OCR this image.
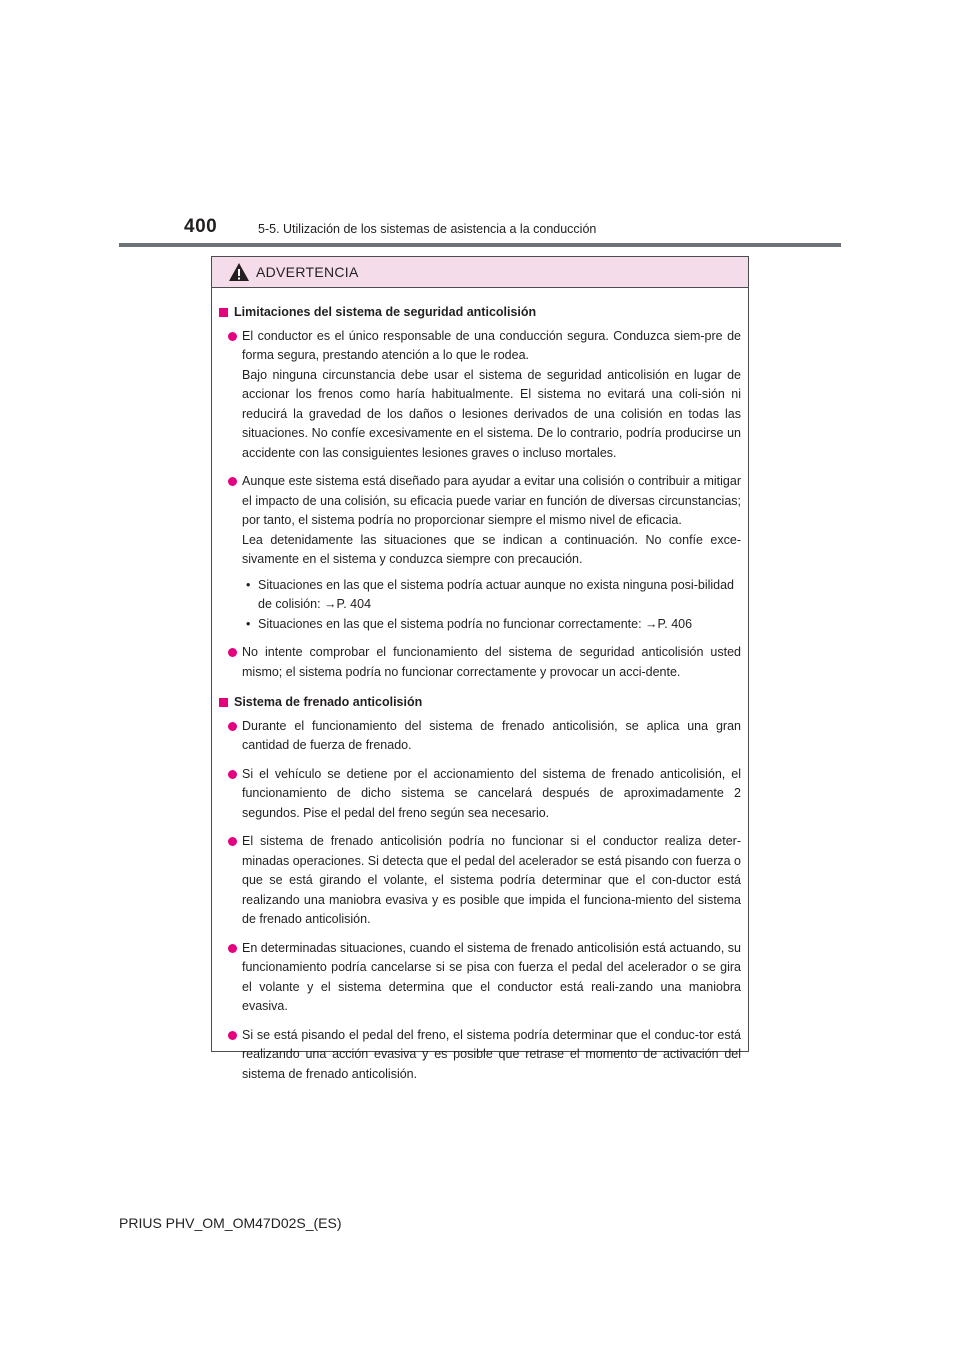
400	5-5. Utilización de los sistemas de asistencia a la conducción
ADVERTENCIA
Limitaciones del sistema de seguridad anticolisión

El conductor es el único responsable de una conducción segura. Conduzca siem-pre de forma segura, prestando atención a lo que le rodea.

Bajo ninguna circunstancia debe usar el sistema de seguridad anticolisión en lugar de accionar los frenos como haría habitualmente. El sistema no evitará una coli-sión ni reducirá la gravedad de los daños o lesiones derivados de una colisión en todas las situaciones. No confíe excesivamente en el sistema. De lo contrario, podría producirse un accidente con las consiguientes lesiones graves o incluso mortales.

Aunque este sistema está diseñado para ayudar a evitar una colisión o contribuir a mitigar el impacto de una colisión, su eficacia puede variar en función de diversas circunstancias; por tanto, el sistema podría no proporcionar siempre el mismo nivel de eficacia.

Lea detenidamente las situaciones que se indican a continuación. No confíe exce-sivamente en el sistema y conduzca siempre con precaución.

• Situaciones en las que el sistema podría actuar aunque no exista ninguna posi-bilidad de colisión: →P. 404
• Situaciones en las que el sistema podría no funcionar correctamente: →P. 406

No intente comprobar el funcionamiento del sistema de seguridad anticolisión usted mismo; el sistema podría no funcionar correctamente y provocar un acci-dente.

Sistema de frenado anticolisión

Durante el funcionamiento del sistema de frenado anticolisión, se aplica una gran cantidad de fuerza de frenado.

Si el vehículo se detiene por el accionamiento del sistema de frenado anticolisión, el funcionamiento de dicho sistema se cancelará después de aproximadamente 2 segundos. Pise el pedal del freno según sea necesario.

El sistema de frenado anticolisión podría no funcionar si el conductor realiza deter-minadas operaciones. Si detecta que el pedal del acelerador se está pisando con fuerza o que se está girando el volante, el sistema podría determinar que el con-ductor está realizando una maniobra evasiva y es posible que impida el funciona-miento del sistema de frenado anticolisión.

En determinadas situaciones, cuando el sistema de frenado anticolisión está actuando, su funcionamiento podría cancelarse si se pisa con fuerza el pedal del acelerador o se gira el volante y el sistema determina que el conductor está reali-zando una maniobra evasiva.

Si se está pisando el pedal del freno, el sistema podría determinar que el conduc-tor está realizando una acción evasiva y es posible que retrase el momento de activación del sistema de frenado anticolisión.

PRIUS PHV_OM_OM47D02S_(ES)
